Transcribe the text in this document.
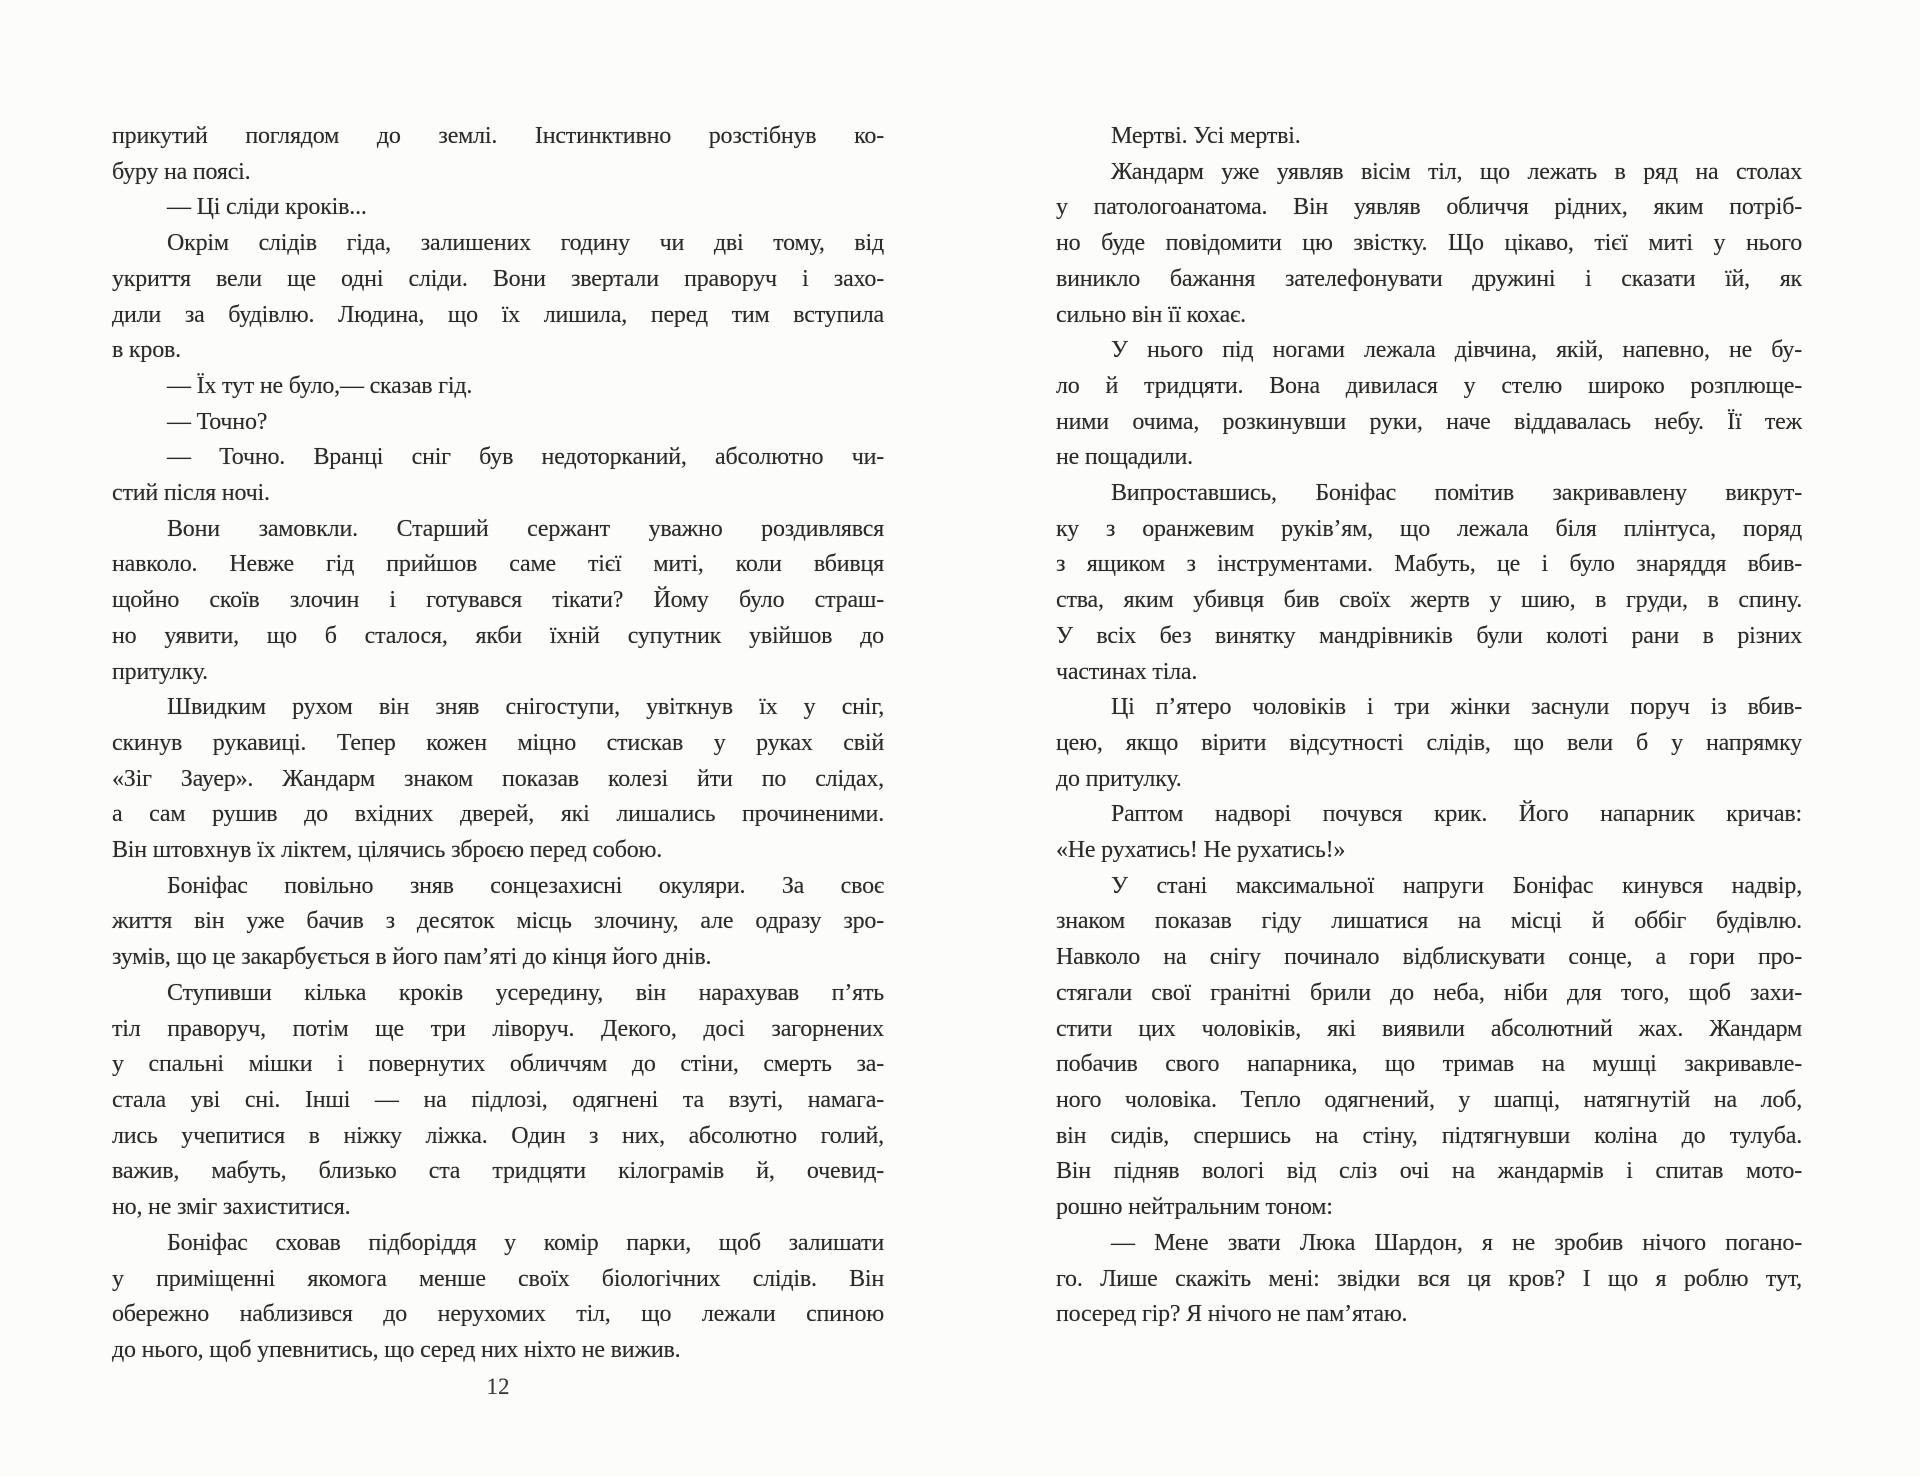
прикутий поглядом до землі. Інстинктивно розстібнув ко-
буру на поясі.
— Ці сліди кроків...
Окрім слідів гіда, залишених годину чи дві тому, від
укриття вели ще одні сліди. Вони звертали праворуч і захо-
дили за будівлю. Людина, що їх лишила, перед тим вступила
в кров.
— Їх тут не було,— сказав гід.
— Точно?
— Точно. Вранці сніг був недоторканий, абсолютно чи-
стий після ночі.
Вони замовкли. Старший сержант уважно роздивлявся
навколо. Невже гід прийшов саме тієї миті, коли вбивця
щойно скоїв злочин і готувався тікати? Йому було страш-
но уявити, що б сталося, якби їхній супутник увійшов до
притулку.
Швидким рухом він зняв снігоступи, увіткнув їх у сніг,
скинув рукавиці. Тепер кожен міцно стискав у руках свій
«Зіг Зауер». Жандарм знаком показав колезі йти по слідах,
а сам рушив до вхідних дверей, які лишались прочиненими.
Він штовхнув їх ліктем, цілячись зброєю перед собою.
Боніфас повільно зняв сонцезахисні окуляри. За своє
життя він уже бачив з десяток місць злочину, але одразу зро-
зумів, що це закарбується в його пам’яті до кінця його днів.
Ступивши кілька кроків усередину, він нарахував п’ять
тіл праворуч, потім ще три ліворуч. Декого, досі загорнених
у спальні мішки і повернутих обличчям до стіни, смерть за-
стала уві сні. Інші — на підлозі, одягнені та взуті, намага-
лись учепитися в ніжку ліжка. Один з них, абсолютно голий,
важив, мабуть, близько ста тридцяти кілограмів й, очевид-
но, не зміг захиститися.
Боніфас сховав підборіддя у комір парки, щоб залишати
у приміщенні якомога менше своїх біологічних слідів. Він
обережно наблизився до нерухомих тіл, що лежали спиною
до нього, щоб упевнитись, що серед них ніхто не вижив.
12
Мертві. Усі мертві.
Жандарм уже уявляв вісім тіл, що лежать в ряд на столах
у патологоанатома. Він уявляв обличчя рідних, яким потріб-
но буде повідомити цю звістку. Що цікаво, тієї миті у нього
виникло бажання зателефонувати дружині і сказати їй, як
сильно він її кохає.
У нього під ногами лежала дівчина, якій, напевно, не бу-
ло й тридцяти. Вона дивилася у стелю широко розплюще-
ними очима, розкинувши руки, наче віддавалась небу. Її теж
не пощадили.
Випроставшись, Боніфас помітив закривавлену викрут-
ку з оранжевим руків’ям, що лежала біля плінтуса, поряд
з ящиком з інструментами. Мабуть, це і було знаряддя вбив-
ства, яким убивця бив своїх жертв у шию, в груди, в спину.
У всіх без винятку мандрівників були колоті рани в різних
частинах тіла.
Ці п’ятеро чоловіків і три жінки заснули поруч із вбив-
цею, якщо вірити відсутності слідів, що вели б у напрямку
до притулку.
Раптом надворі почувся крик. Його напарник кричав:
«Не рухатись! Не рухатись!»
У стані максимальної напруги Боніфас кинувся надвір,
знаком показав гіду лишатися на місці й оббіг будівлю.
Навколо на снігу починало відблискувати сонце, а гори про-
стягали свої гранітні брили до неба, ніби для того, щоб захи-
стити цих чоловіків, які виявили абсолютний жах. Жандарм
побачив свого напарника, що тримав на мушці закривавле-
ного чоловіка. Тепло одягнений, у шапці, натягнутій на лоб,
він сидів, спершись на стіну, підтягнувши коліна до тулуба.
Він підняв вологі від сліз очі на жандармів і спитав мото-
рошно нейтральним тоном:
— Мене звати Люка Шардон, я не зробив нічого погано-
го. Лише скажіть мені: звідки вся ця кров? І що я роблю тут,
посеред гір? Я нічого не пам’ятаю.
